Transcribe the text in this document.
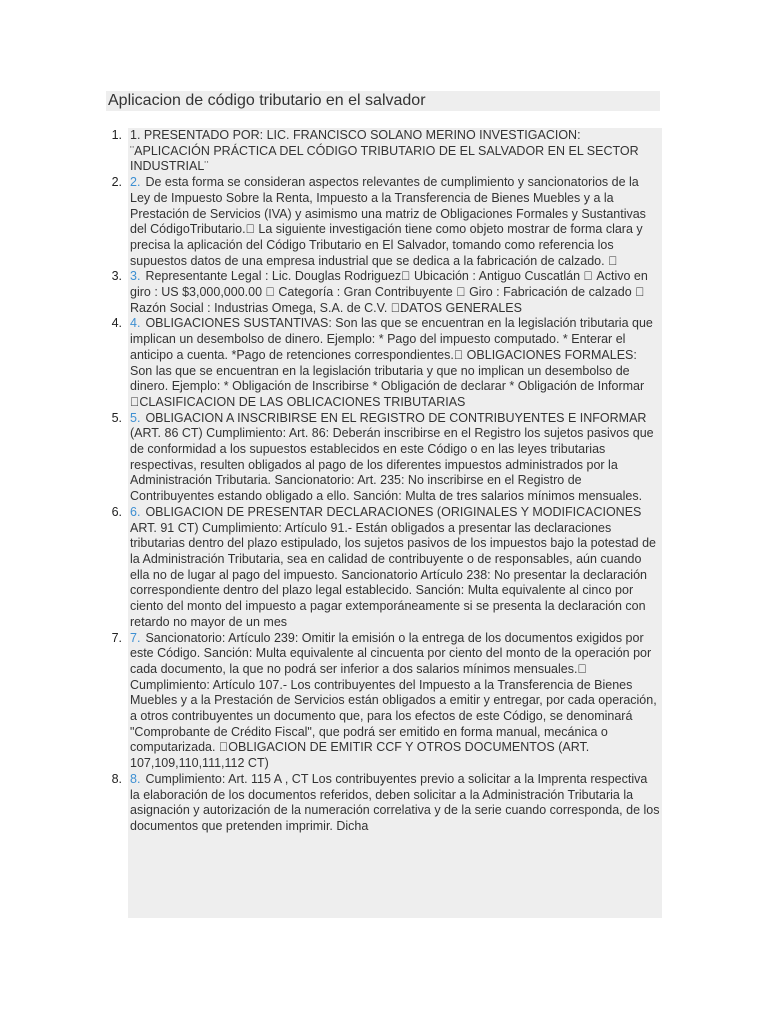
Aplicacion de código tributario en el salvador
1. 1. PRESENTADO POR: LIC. FRANCISCO SOLANO MERINO INVESTIGACION: ¨APLICACIÓN PRÁCTICA DEL CÓDIGO TRIBUTARIO DE EL SALVADOR EN EL SECTOR INDUSTRIAL¨
2. 2. De esta forma se consideran aspectos relevantes de cumplimiento y sancionatorios de la Ley de Impuesto Sobre la Renta, Impuesto a la Transferencia de Bienes Muebles y a la Prestación de Servicios (IVA) y asimismo una matriz de Obligaciones Formales y Sustantivas del CódigoTributario.􀂾 La siguiente investigación tiene como objeto mostrar de forma clara y precisa la aplicación del Código Tributario en El Salvador, tomando como referencia los supuestos datos de una empresa industrial que se dedica a la fabricación de calzado. 􀂾
3. 3. Representante Legal : Lic. Douglas Rodriguez􀂾 Ubicación : Antiguo Cuscatlán 􀂾 Activo en giro : US $3,000,000.00 􀂾 Categoría : Gran Contribuyente 􀂾 Giro : Fabricación de calzado 􀂾 Razón Social : Industrias Omega, S.A. de C.V. 􀂾DATOS GENERALES
4. 4. OBLIGACIONES SUSTANTIVAS: Son las que se encuentran en la legislación tributaria que implican un desembolso de dinero. Ejemplo: * Pago del impuesto computado. * Enterar el anticipo a cuenta. *Pago de retenciones correspondientes.􀂾 OBLIGACIONES FORMALES: Son las que se encuentran en la legislación tributaria y que no implican un desembolso de dinero. Ejemplo: * Obligación de Inscribirse * Obligación de declarar * Obligación de Informar 􀂾CLASIFICACION DE LAS OBLICACIONES TRIBUTARIAS
5. 5. OBLIGACION A INSCRIBIRSE EN EL REGISTRO DE CONTRIBUYENTES E INFORMAR (ART. 86 CT) Cumplimiento: Art. 86: Deberán inscribirse en el Registro los sujetos pasivos que de conformidad a los supuestos establecidos en este Código o en las leyes tributarias respectivas, resulten obligados al pago de los diferentes impuestos administrados por la Administración Tributaria. Sancionatorio: Art. 235: No inscribirse en el Registro de Contribuyentes estando obligado a ello. Sanción: Multa de tres salarios mínimos mensuales.
6. 6. OBLIGACION DE PRESENTAR DECLARACIONES (ORIGINALES Y MODIFICACIONES ART. 91 CT) Cumplimiento: Artículo 91.- Están obligados a presentar las declaraciones tributarias dentro del plazo estipulado, los sujetos pasivos de los impuestos bajo la potestad de la Administración Tributaria, sea en calidad de contribuyente o de responsables, aún cuando ella no de lugar al pago del impuesto. Sancionatorio Artículo 238: No presentar la declaración correspondiente dentro del plazo legal establecido. Sanción: Multa equivalente al cinco por ciento del monto del impuesto a pagar extemporáneamente si se presenta la declaración con retardo no mayor de un mes
7. 7. Sancionatorio: Artículo 239: Omitir la emisión o la entrega de los documentos exigidos por este Código. Sanción: Multa equivalente al cincuenta por ciento del monto de la operación por cada documento, la que no podrá ser inferior a dos salarios mínimos mensuales.􀂾 Cumplimiento: Artículo 107.- Los contribuyentes del Impuesto a la Transferencia de Bienes Muebles y a la Prestación de Servicios están obligados a emitir y entregar, por cada operación, a otros contribuyentes un documento que, para los efectos de este Código, se denominará "Comprobante de Crédito Fiscal", que podrá ser emitido en forma manual, mecánica o computarizada. 􀂾OBLIGACION DE EMITIR CCF Y OTROS DOCUMENTOS (ART. 107,109,110,111,112 CT)
8. 8. Cumplimiento: Art. 115 A , CT Los contribuyentes previo a solicitar a la Imprenta respectiva la elaboración de los documentos referidos, deben solicitar a la Administración Tributaria la asignación y autorización de la numeración correlativa y de la serie cuando corresponda, de los documentos que pretenden imprimir. Dicha
